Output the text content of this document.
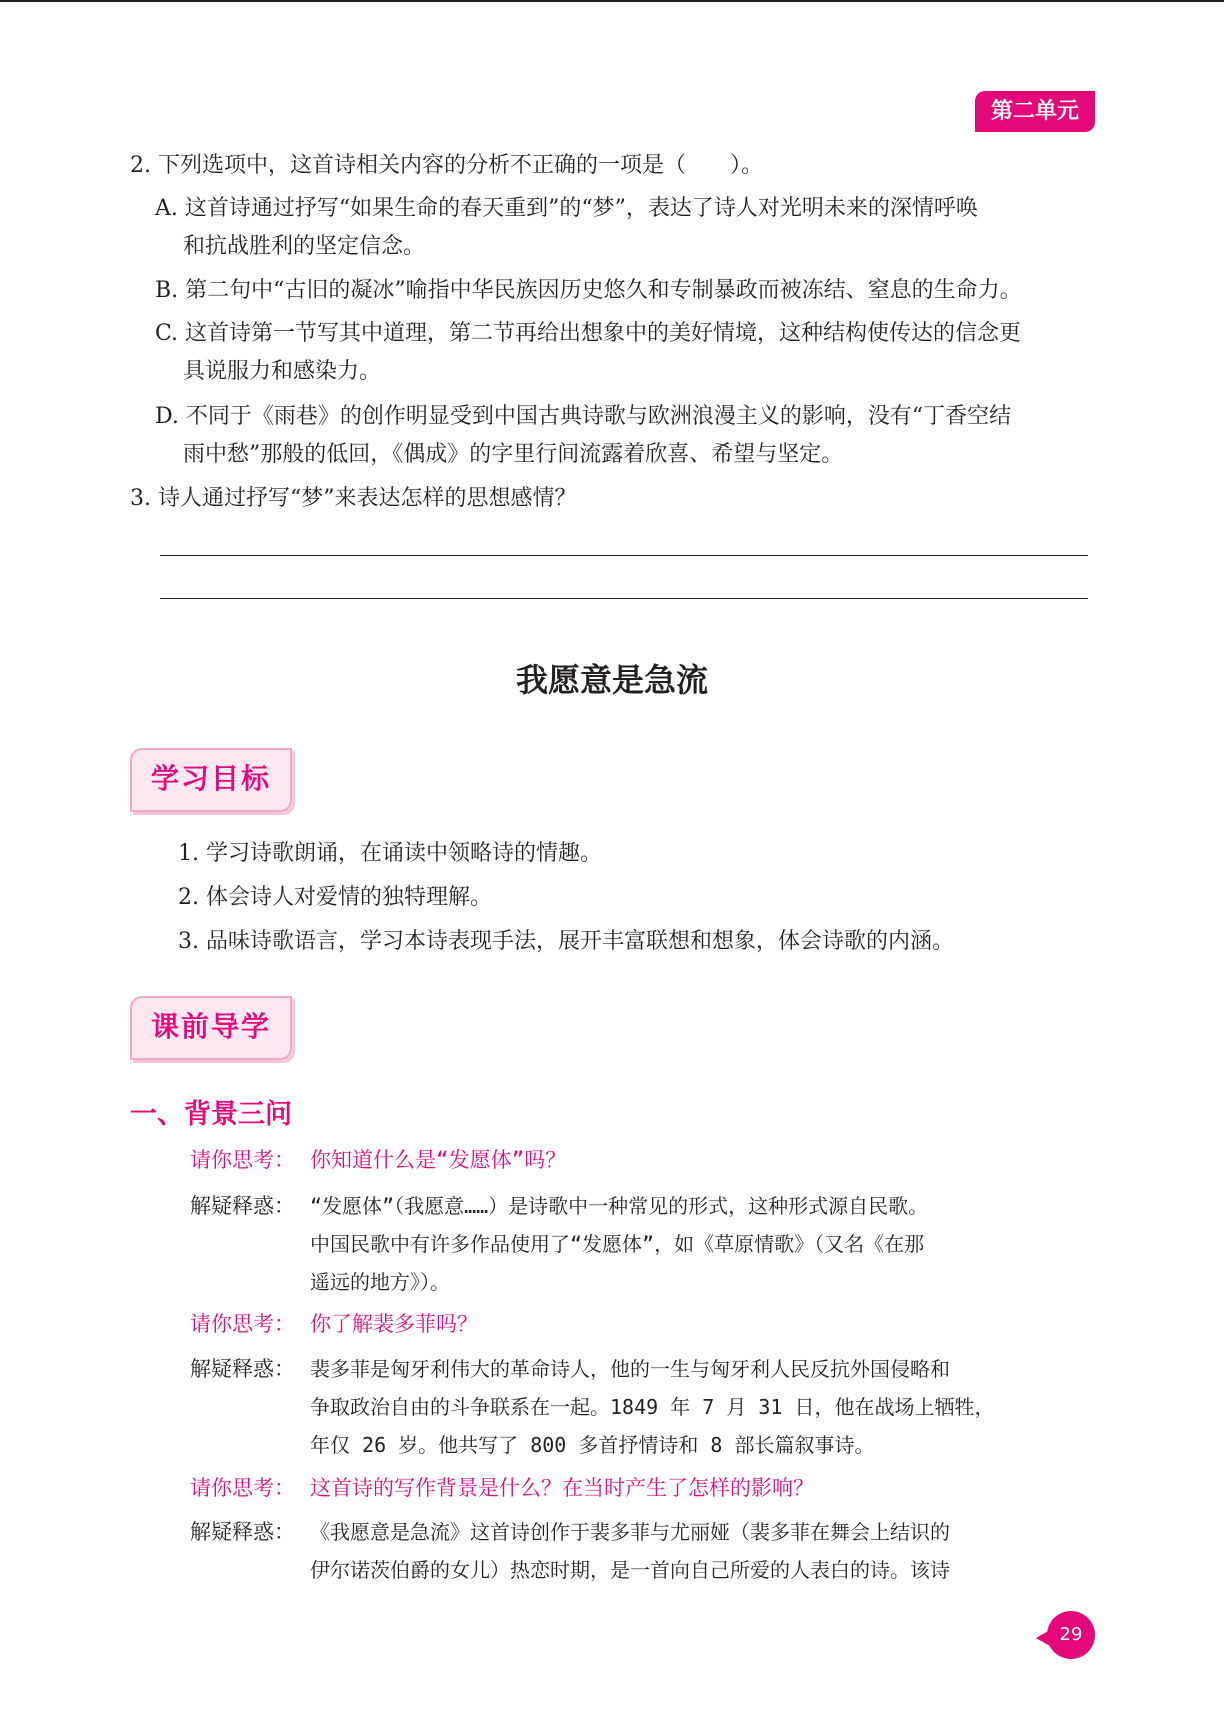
第二单元
2. 下列选项中，这首诗相关内容的分析不正确的一项是（　　）。
A. 这首诗通过抒写“如果生命的春天重到”的“梦”，表达了诗人对光明未来的深情呼唤
和抗战胜利的坚定信念。
B. 第二句中“古旧的凝冰”喻指中华民族因历史悠久和专制暴政而被冻结、窒息的生命力。
C. 这首诗第一节写其中道理，第二节再给出想象中的美好情境，这种结构使传达的信念更
具说服力和感染力。
D. 不同于《雨巷》的创作明显受到中国古典诗歌与欧洲浪漫主义的影响，没有“丁香空结
雨中愁”那般的低回，《偶成》的字里行间流露着欣喜、希望与坚定。
3. 诗人通过抒写“梦”来表达怎样的思想感情？
我愿意是急流
学习目标
1. 学习诗歌朗诵，在诵读中领略诗的情趣。
2. 体会诗人对爱情的独特理解。
3. 品味诗歌语言，学习本诗表现手法，展开丰富联想和想象，体会诗歌的内涵。
课前导学
一、背景三问
请你思考： 你知道什么是“发愿体”吗？
解疑释惑： “发愿体”（我愿意……）是诗歌中一种常见的形式，这种形式源自民歌。
中国民歌中有许多作品使用了“发愿体”，如《草原情歌》（又名《在那
遥远的地方》）。
请你思考： 你了解裴多菲吗？
解疑释惑： 裴多菲是匈牙利伟大的革命诗人，他的一生与匈牙利人民反抗外国侵略和
争取政治自由的斗争联系在一起。1849 年 7 月 31 日，他在战场上牺牲，
年仅 26 岁。他共写了 800 多首抒情诗和 8 部长篇叙事诗。
请你思考： 这首诗的写作背景是什么？在当时产生了怎样的影响？
解疑释惑： 《我愿意是急流》这首诗创作于裴多菲与尤丽娅（裴多菲在舞会上结识的
伊尔诺茨伯爵的女儿）热恋时期，是一首向自己所爱的人表白的诗。该诗
29
